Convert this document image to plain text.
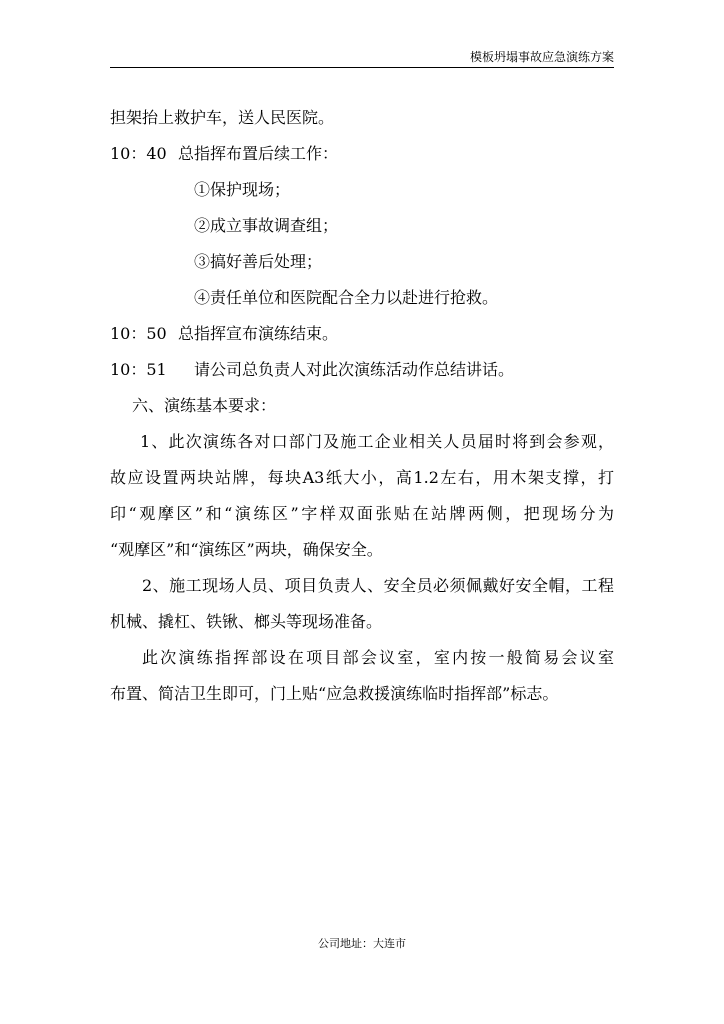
模板坍塌事故应急演练方案
担架抬上救护车，送人民医院。
10：40 总指挥布置后续工作：
①保护现场；
②成立事故调查组；
③搞好善后处理；
④责任单位和医院配合全力以赴进行抢救。
10：50 总指挥宣布演练结束。
10：51 请公司总负责人对此次演练活动作总结讲话。
六、演练基本要求：
1、此次演练各对口部门及施工企业相关人员届时将到会参观，
故应设置两块站牌，每块A3纸大小，高1.2左右，用木架支撑，打
印“观摩区”和“演练区”字样双面张贴在站牌两侧，把现场分为
“观摩区”和“演练区”两块，确保安全。
2、施工现场人员、项目负责人、安全员必须佩戴好安全帽，工程
机械、撬杠、铁锹、榔头等现场准备。
此次演练指挥部设在项目部会议室，室内按一般简易会议室
布置、简洁卫生即可，门上贴“应急救援演练临时指挥部”标志。
公司地址：大连市
